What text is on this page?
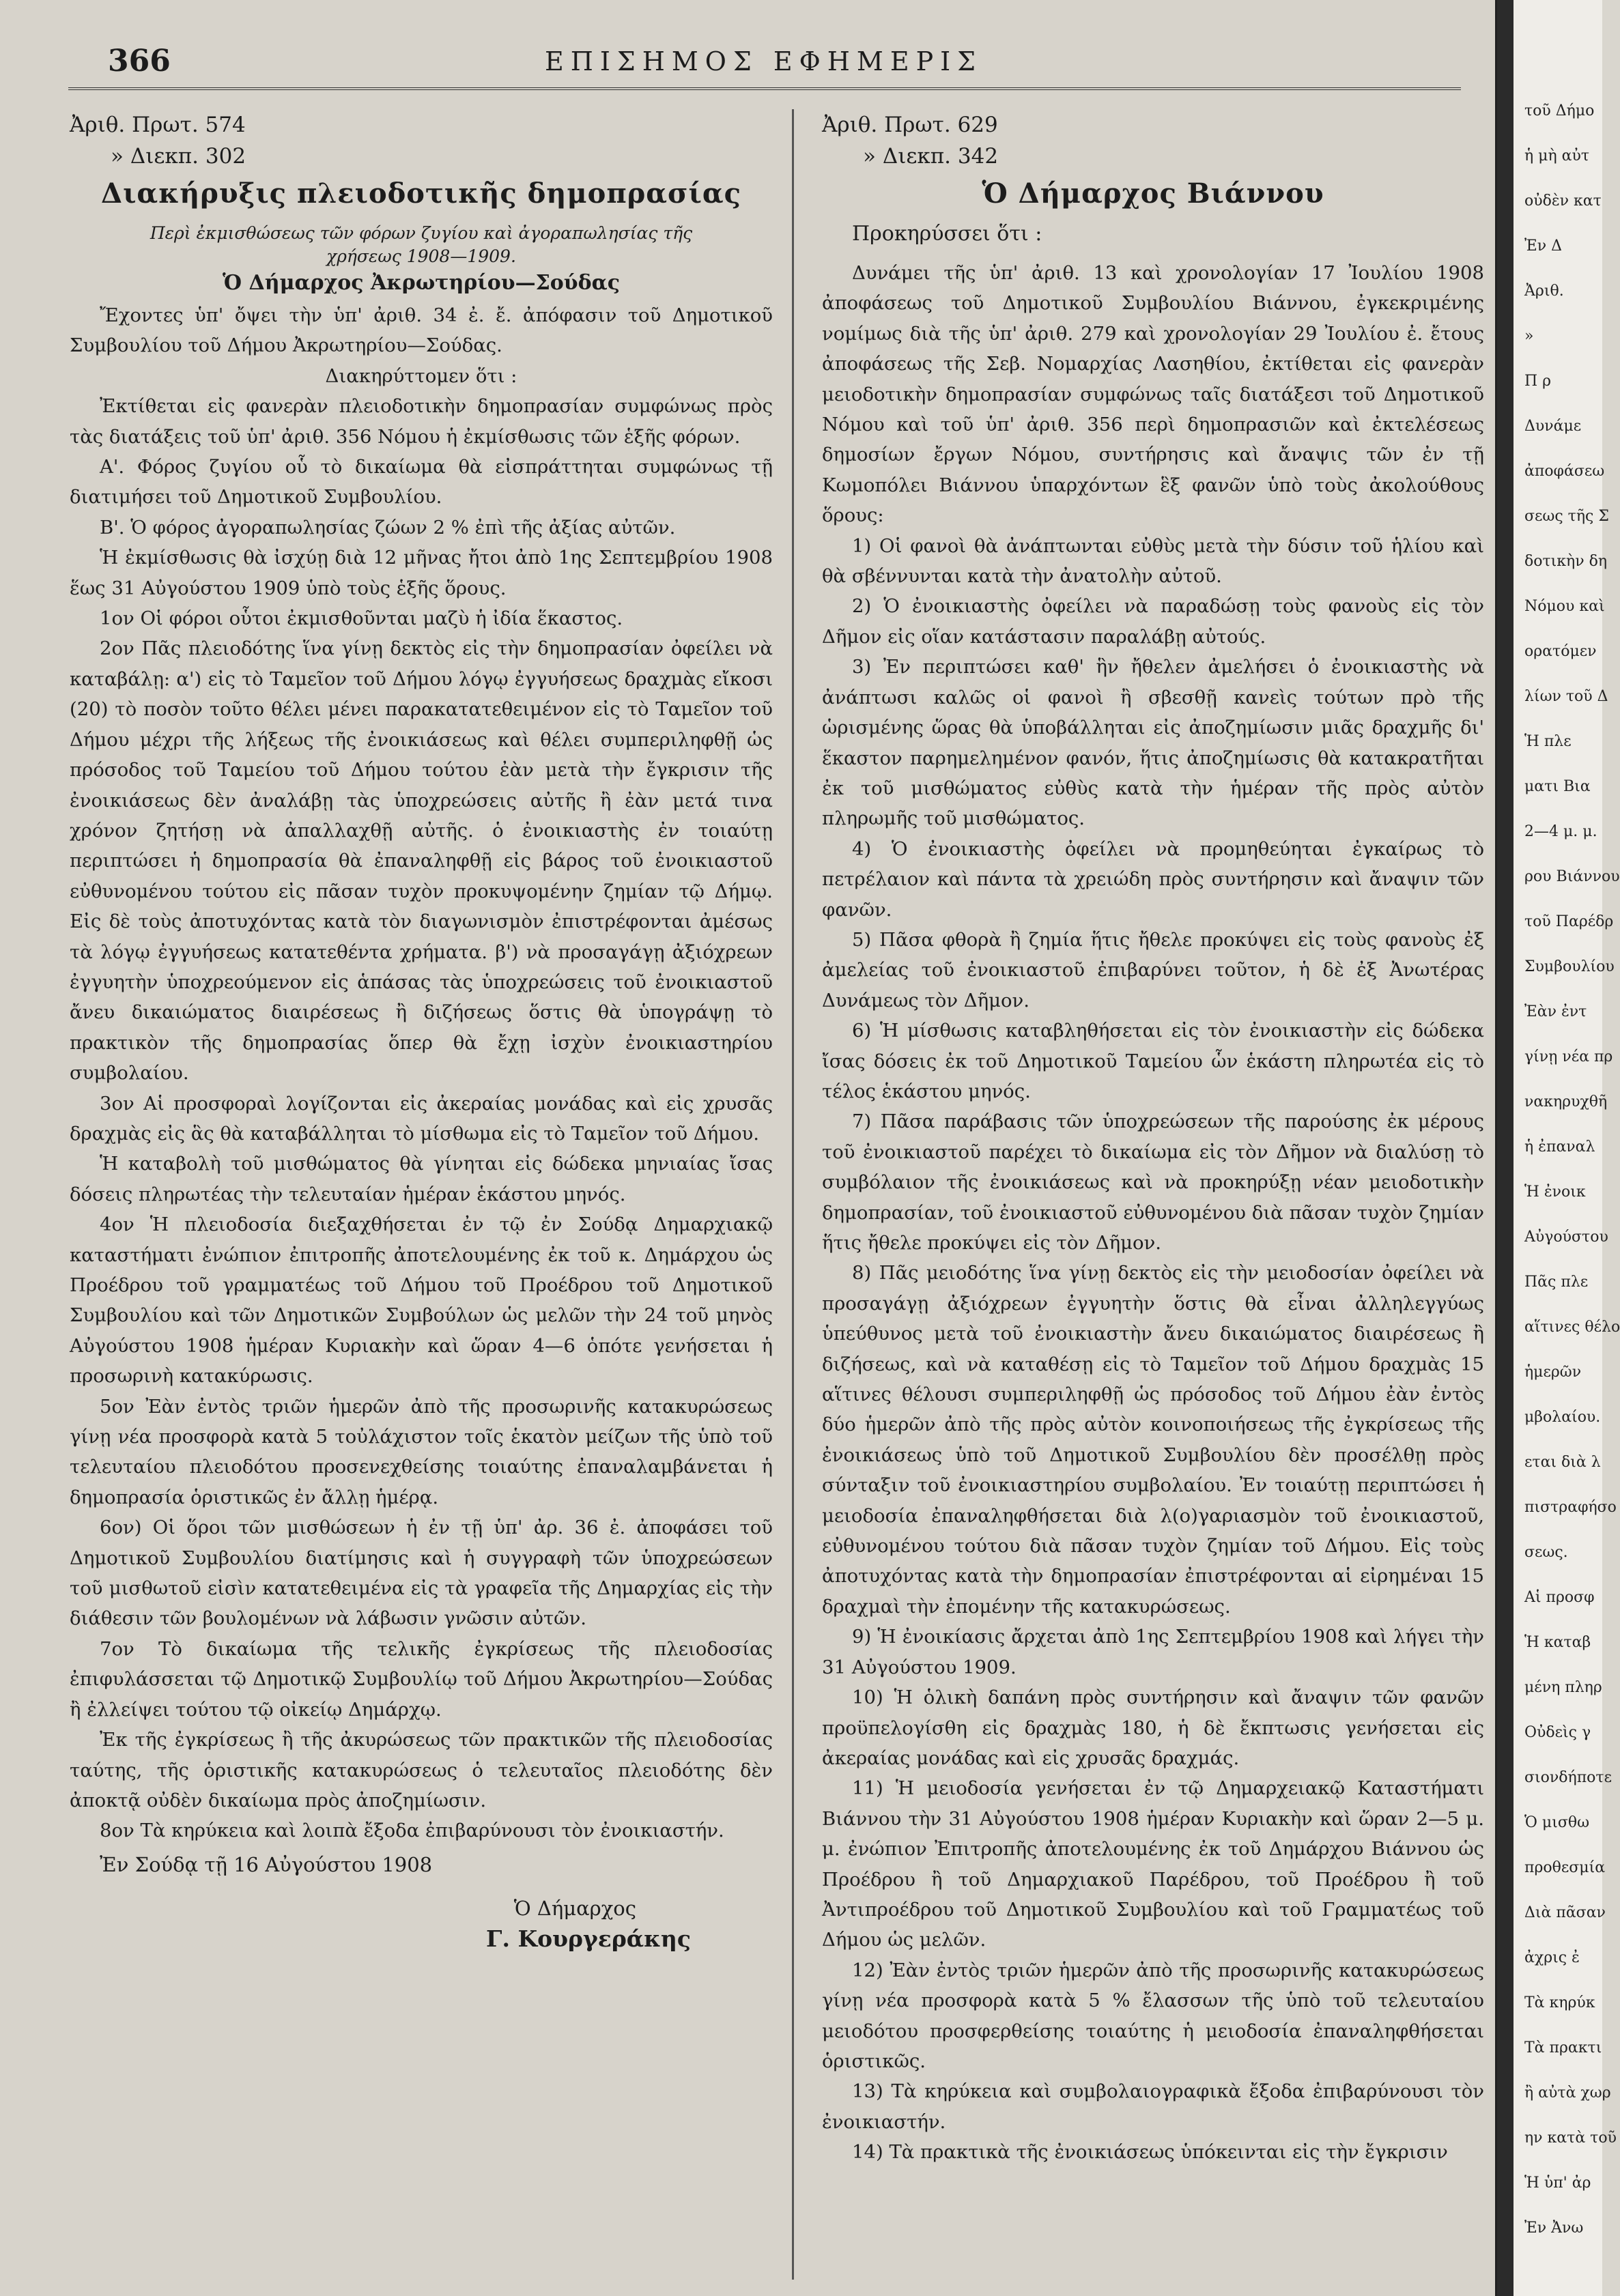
366	ΕΠΙΣΗΜΟΣ ΕΦΗΜΕΡΙΣ

Ἀριθ. Πρωτ. 574

» Διεκπ. 302

Διακήρυξις πλειοδοτικῆς δημοπρασίας
Περὶ ἐκμισθώσεως τῶν φόρων ζυγίου καὶ ἀγοραπωλησίας τῆς χρήσεως 1908—1909.
Ὁ Δήμαρχος Ἀκρωτηρίου—Σούδας

Ἔχοντες ὑπ' ὄψει τὴν ὑπ' ἀριθ. 34 ἐ. ἔ. ἀπόφασιν τοῦ Δημοτικοῦ Συμβουλίου τοῦ Δήμου Ἀκρωτηρίου—Σούδας.

Διακηρύττομεν ὅτι :

Ἐκτίθεται εἰς φανερὰν πλειοδοτικὴν δημοπρασίαν συμφώνως πρὸς τὰς διατάξεις τοῦ ὑπ' ἀριθ. 356 Νόμου ἡ ἐκμίσθωσις τῶν ἑξῆς φόρων.

Α'. Φόρος ζυγίου οὗ τὸ δικαίωμα θὰ εἰσπράττηται συμφώνως τῇ διατιμήσει τοῦ Δημοτικοῦ Συμβουλίου.

Β'. Ὁ φόρος ἀγοραπωλησίας ζώων 2 % ἐπὶ τῆς ἀξίας αὐτῶν.

Ἡ ἐκμίσθωσις θὰ ἰσχύῃ διὰ 12 μῆνας ἤτοι ἀπὸ 1ης Σεπτεμβρίου 1908 ἕως 31 Αὐγούστου 1909 ὑπὸ τοὺς ἑξῆς ὅρους.

1ον Οἱ φόροι οὗτοι ἐκμισθοῦνται μαζὺ ἡ ἰδία ἕκαστος.

2ον Πᾶς πλειοδότης ἵνα γίνῃ δεκτὸς εἰς τὴν δημοπρασίαν ὀφείλει νὰ καταβάλῃ: α') εἰς τὸ Ταμεῖον τοῦ Δήμου λόγῳ ἐγγυήσεως δραχμὰς εἴκοσι (20) τὸ ποσὸν τοῦτο θέλει μένει παρακατατεθειμένον εἰς τὸ Ταμεῖον τοῦ Δήμου μέχρι τῆς λήξεως τῆς ἐνοικιάσεως καὶ θέλει συμπεριληφθῇ ὡς πρόσοδος τοῦ Ταμείου τοῦ Δήμου τούτου ἐὰν μετὰ τὴν ἔγκρισιν τῆς ἐνοικιάσεως δὲν ἀναλάβῃ τὰς ὑποχρεώσεις αὐτῆς ἢ ἐὰν μετά τινα χρόνον ζητήσῃ νὰ ἀπαλλαχθῇ αὐτῆς. ὁ ἐνοικιαστὴς ἐν τοιαύτῃ περιπτώσει ἡ δημοπρασία θὰ ἐπαναληφθῇ εἰς βάρος τοῦ ἐνοικιαστοῦ εὐθυνομένου τούτου εἰς πᾶσαν τυχὸν προκυψομένην ζημίαν τῷ Δήμῳ. Εἰς δὲ τοὺς ἀποτυχόντας κατὰ τὸν διαγωνισμὸν ἐπιστρέφονται ἀμέσως τὰ λόγῳ ἐγγυήσεως κατατεθέντα χρήματα. β') νὰ προσαγάγῃ ἀξιόχρεων ἐγγυητὴν ὑποχρεούμενον εἰς ἁπάσας τὰς ὑποχρεώσεις τοῦ ἐνοικιαστοῦ ἄνευ δικαιώματος διαιρέσεως ἢ διζήσεως ὅστις θὰ ὑπογράψῃ τὸ πρακτικὸν τῆς δημοπρασίας ὅπερ θὰ ἔχῃ ἰσχὺν ἐνοικιαστηρίου συμβολαίου.

3ον Αἱ προσφοραὶ λογίζονται εἰς ἀκεραίας μονάδας καὶ εἰς χρυσᾶς δραχμὰς εἰς ἃς θὰ καταβάλληται τὸ μίσθωμα εἰς τὸ Ταμεῖον τοῦ Δήμου.

Ἡ καταβολὴ τοῦ μισθώματος θὰ γίνηται εἰς δώδεκα μηνιαίας ἴσας δόσεις πληρωτέας τὴν τελευταίαν ἡμέραν ἑκάστου μηνός.

4ον Ἡ πλειοδοσία διεξαχθήσεται ἐν τῷ ἐν Σούδᾳ Δημαρχιακῷ καταστήματι ἐνώπιον ἐπιτροπῆς ἀποτελουμένης ἐκ τοῦ κ. Δημάρχου ὡς Προέδρου τοῦ γραμματέως τοῦ Δήμου τοῦ Προέδρου τοῦ Δημοτικοῦ Συμβουλίου καὶ τῶν Δημοτικῶν Συμβούλων ὡς μελῶν τὴν 24 τοῦ μηνὸς Αὐγούστου 1908 ἡμέραν Κυριακὴν καὶ ὥραν 4—6 ὁπότε γενήσεται ἡ προσωρινὴ κατακύρωσις.

5ον Ἐὰν ἐντὸς τριῶν ἡμερῶν ἀπὸ τῆς προσωρινῆς κατακυρώσεως γίνῃ νέα προσφορὰ κατὰ 5 τοὐλάχιστον τοῖς ἑκατὸν μείζων τῆς ὑπὸ τοῦ τελευταίου πλειοδότου προσενεχθείσης τοιαύτης ἐπαναλαμβάνεται ἡ δημοπρασία ὁριστικῶς ἐν ἄλλῃ ἡμέρᾳ.

6ον) Οἱ ὅροι τῶν μισθώσεων ἡ ἐν τῇ ὑπ' ἀρ. 36 ἐ. ἀποφάσει τοῦ Δημοτικοῦ Συμβουλίου διατίμησις καὶ ἡ συγγραφὴ τῶν ὑποχρεώσεων τοῦ μισθωτοῦ εἰσὶν κατατεθειμένα εἰς τὰ γραφεῖα τῆς Δημαρχίας εἰς τὴν διάθεσιν τῶν βουλομένων νὰ λάβωσιν γνῶσιν αὐτῶν.

7ον Τὸ δικαίωμα τῆς τελικῆς ἐγκρίσεως τῆς πλειοδοσίας ἐπιφυλάσσεται τῷ Δημοτικῷ Συμβουλίῳ τοῦ Δήμου Ἀκρωτηρίου—Σούδας ἢ ἐλλείψει τούτου τῷ οἰκείῳ Δημάρχῳ.

Ἐκ τῆς ἐγκρίσεως ἢ τῆς ἀκυρώσεως τῶν πρακτικῶν τῆς πλειοδοσίας ταύτης, τῆς ὁριστικῆς κατακυρώσεως ὁ τελευταῖος πλειοδότης δὲν ἀποκτᾷ οὐδὲν δικαίωμα πρὸς ἀποζημίωσιν.

8ον Τὰ κηρύκεια καὶ λοιπὰ ἔξοδα ἐπιβαρύνουσι τὸν ἐνοικιαστήν.

Ἐν Σούδᾳ τῇ 16 Αὐγούστου 1908

Ὁ Δήμαρχος

Γ. Κουργεράκης

Ἀριθ. Πρωτ. 629

» Διεκπ. 342

Ὁ Δήμαρχος Βιάννου

Προκηρύσσει ὅτι :

Δυνάμει τῆς ὑπ' ἀριθ. 13 καὶ χρονολογίαν 17 Ἰουλίου 1908 ἀποφάσεως τοῦ Δημοτικοῦ Συμβουλίου Βιάννου, ἐγκεκριμένης νομίμως διὰ τῆς ὑπ' ἀριθ. 279 καὶ χρονολογίαν 29 Ἰουλίου ἐ. ἔτους ἀποφάσεως τῆς Σεβ. Νομαρχίας Λασηθίου, ἐκτίθεται εἰς φανερὰν μειοδοτικὴν δημοπρασίαν συμφώνως ταῖς διατάξεσι τοῦ Δημοτικοῦ Νόμου καὶ τοῦ ὑπ' ἀριθ. 356 περὶ δημοπρασιῶν καὶ ἐκτελέσεως δημοσίων ἔργων Νόμου, συντήρησις καὶ ἄναψις τῶν ἐν τῇ Κωμοπόλει Βιάννου ὑπαρχόντων ἓξ φανῶν ὑπὸ τοὺς ἀκολούθους ὅρους:

1) Οἱ φανοὶ θὰ ἀνάπτωνται εὐθὺς μετὰ τὴν δύσιν τοῦ ἡλίου καὶ θὰ σβέννυνται κατὰ τὴν ἀνατολὴν αὐτοῦ.

2) Ὁ ἐνοικιαστὴς ὀφείλει νὰ παραδώσῃ τοὺς φανοὺς εἰς τὸν Δῆμον εἰς οἵαν κατάστασιν παραλάβῃ αὐτούς.

3) Ἐν περιπτώσει καθ' ἣν ἤθελεν ἀμελήσει ὁ ἐνοικιαστὴς νὰ ἀνάπτωσι καλῶς οἱ φανοὶ ἢ σβεσθῇ κανεὶς τούτων πρὸ τῆς ὡρισμένης ὥρας θὰ ὑποβάλληται εἰς ἀποζημίωσιν μιᾶς δραχμῆς δι' ἕκαστον παρημελημένον φανόν, ἥτις ἀποζημίωσις θὰ κατακρατῆται ἐκ τοῦ μισθώματος εὐθὺς κατὰ τὴν ἡμέραν τῆς πρὸς αὐτὸν πληρωμῆς τοῦ μισθώματος.

4) Ὁ ἐνοικιαστὴς ὀφείλει νὰ προμηθεύηται ἐγκαίρως τὸ πετρέλαιον καὶ πάντα τὰ χρειώδη πρὸς συντήρησιν καὶ ἄναψιν τῶν φανῶν.

5) Πᾶσα φθορὰ ἢ ζημία ἥτις ἤθελε προκύψει εἰς τοὺς φανοὺς ἐξ ἀμελείας τοῦ ἐνοικιαστοῦ ἐπιβαρύνει τοῦτον, ἡ δὲ ἐξ Ἀνωτέρας Δυνάμεως τὸν Δῆμον.

6) Ἡ μίσθωσις καταβληθήσεται εἰς τὸν ἐνοικιαστὴν εἰς δώδεκα ἴσας δόσεις ἐκ τοῦ Δημοτικοῦ Ταμείου ὧν ἑκάστη πληρωτέα εἰς τὸ τέλος ἑκάστου μηνός.

7) Πᾶσα παράβασις τῶν ὑποχρεώσεων τῆς παρούσης ἐκ μέρους τοῦ ἐνοικιαστοῦ παρέχει τὸ δικαίωμα εἰς τὸν Δῆμον νὰ διαλύσῃ τὸ συμβόλαιον τῆς ἐνοικιάσεως καὶ νὰ προκηρύξῃ νέαν μειοδοτικὴν δημοπρασίαν, τοῦ ἐνοικιαστοῦ εὐθυνομένου διὰ πᾶσαν τυχὸν ζημίαν ἥτις ἤθελε προκύψει εἰς τὸν Δῆμον.

8) Πᾶς μειοδότης ἵνα γίνῃ δεκτὸς εἰς τὴν μειοδοσίαν ὀφείλει νὰ προσαγάγῃ ἀξιόχρεων ἐγγυητὴν ὅστις θὰ εἶναι ἀλληλεγγύως ὑπεύθυνος μετὰ τοῦ ἐνοικιαστὴν ἄνευ δικαιώματος διαιρέσεως ἢ διζήσεως, καὶ νὰ καταθέσῃ εἰς τὸ Ταμεῖον τοῦ Δήμου δραχμὰς 15 αἵτινες θέλουσι συμπεριληφθῇ ὡς πρόσοδος τοῦ Δήμου ἐὰν ἐντὸς δύο ἡμερῶν ἀπὸ τῆς πρὸς αὐτὸν κοινοποιήσεως τῆς ἐγκρίσεως τῆς ἐνοικιάσεως ὑπὸ τοῦ Δημοτικοῦ Συμβουλίου δὲν προσέλθῃ πρὸς σύνταξιν τοῦ ἐνοικιαστηρίου συμβολαίου. Ἐν τοιαύτῃ περιπτώσει ἡ μειοδοσία ἐπαναληφθήσεται διὰ λ(ο)γαριασμὸν τοῦ ἐνοικιαστοῦ, εὐθυνομένου τούτου διὰ πᾶσαν τυχὸν ζημίαν τοῦ Δήμου. Εἰς τοὺς ἀποτυχόντας κατὰ τὴν δημοπρασίαν ἐπιστρέφονται αἱ εἰρημέναι 15 δραχμαὶ τὴν ἐπομένην τῆς κατακυρώσεως.

9) Ἡ ἐνοικίασις ἄρχεται ἀπὸ 1ης Σεπτεμβρίου 1908 καὶ λήγει τὴν 31 Αὐγούστου 1909.

10) Ἡ ὁλικὴ δαπάνη πρὸς συντήρησιν καὶ ἄναψιν τῶν φανῶν προϋπελογίσθη εἰς δραχμὰς 180, ἡ δὲ ἔκπτωσις γενήσεται εἰς ἀκεραίας μονάδας καὶ εἰς χρυσᾶς δραχμάς.

11) Ἡ μειοδοσία γενήσεται ἐν τῷ Δημαρχειακῷ Καταστήματι Βιάννου τὴν 31 Αὐγούστου 1908 ἡμέραν Κυριακὴν καὶ ὥραν 2—5 μ. μ. ἐνώπιον Ἐπιτροπῆς ἀποτελουμένης ἐκ τοῦ Δημάρχου Βιάννου ὡς Προέδρου ἢ τοῦ Δημαρχιακοῦ Παρέδρου, τοῦ Προέδρου ἢ τοῦ Ἀντιπροέδρου τοῦ Δημοτικοῦ Συμβουλίου καὶ τοῦ Γραμματέως τοῦ Δήμου ὡς μελῶν.

12) Ἐὰν ἐντὸς τριῶν ἡμερῶν ἀπὸ τῆς προσωρινῆς κατακυρώσεως γίνῃ νέα προσφορὰ κατὰ 5 % ἔλασσων τῆς ὑπὸ τοῦ τελευταίου μειοδότου προσφερθείσης τοιαύτης ἡ μειοδοσία ἐπαναληφθήσεται ὁριστικῶς.

13) Τὰ κηρύκεια καὶ συμβολαιογραφικὰ ἔξοδα ἐπιβαρύνουσι τὸν ἐνοικιαστήν.

14) Τὰ πρακτικὰ τῆς ἐνοικιάσεως ὑπόκεινται εἰς τὴν ἔγκρισιν

τοῦ Δήμο
ἡ μὴ αὐτ
οὐδὲν κατ
Ἐν Δ
Ἀριθ.
»
Π ρ
Δυνάμε
ἀποφάσεω
σεως τῆς Σ
δοτικὴν δη
Νόμου καὶ
ορατόμεν
λίων τοῦ Δ
Ἡ πλε
ματι Βια
2—4 μ. μ.
ρου Βιάννου
τοῦ Παρέδρ
Συμβουλίου
Ἐὰν ἐντ
γίνῃ νέα πρ
νακηρυχθῆ
ἡ ἐπαναλ
Ἡ ἐνοικ
Αὐγούστου
Πᾶς πλε
αἵτινες θέλο
ἡμερῶν
μβολαίου.
εται διὰ λ
πιστραφήσο
σεως.
Αἱ προσφ
Ἡ καταβ
μένη πληρ
Οὐδεὶς γ
σιονδήποτε
Ὁ μισθω
προθεσμία
Διὰ πᾶσαν
ἀχρις ἐ
Τὰ κηρύκ
Τὰ πρακτι
ἢ αὐτὰ χωρ
ην κατὰ τοῦ
Ἡ ὑπ' ἀρ
Ἐν Ἀνω
